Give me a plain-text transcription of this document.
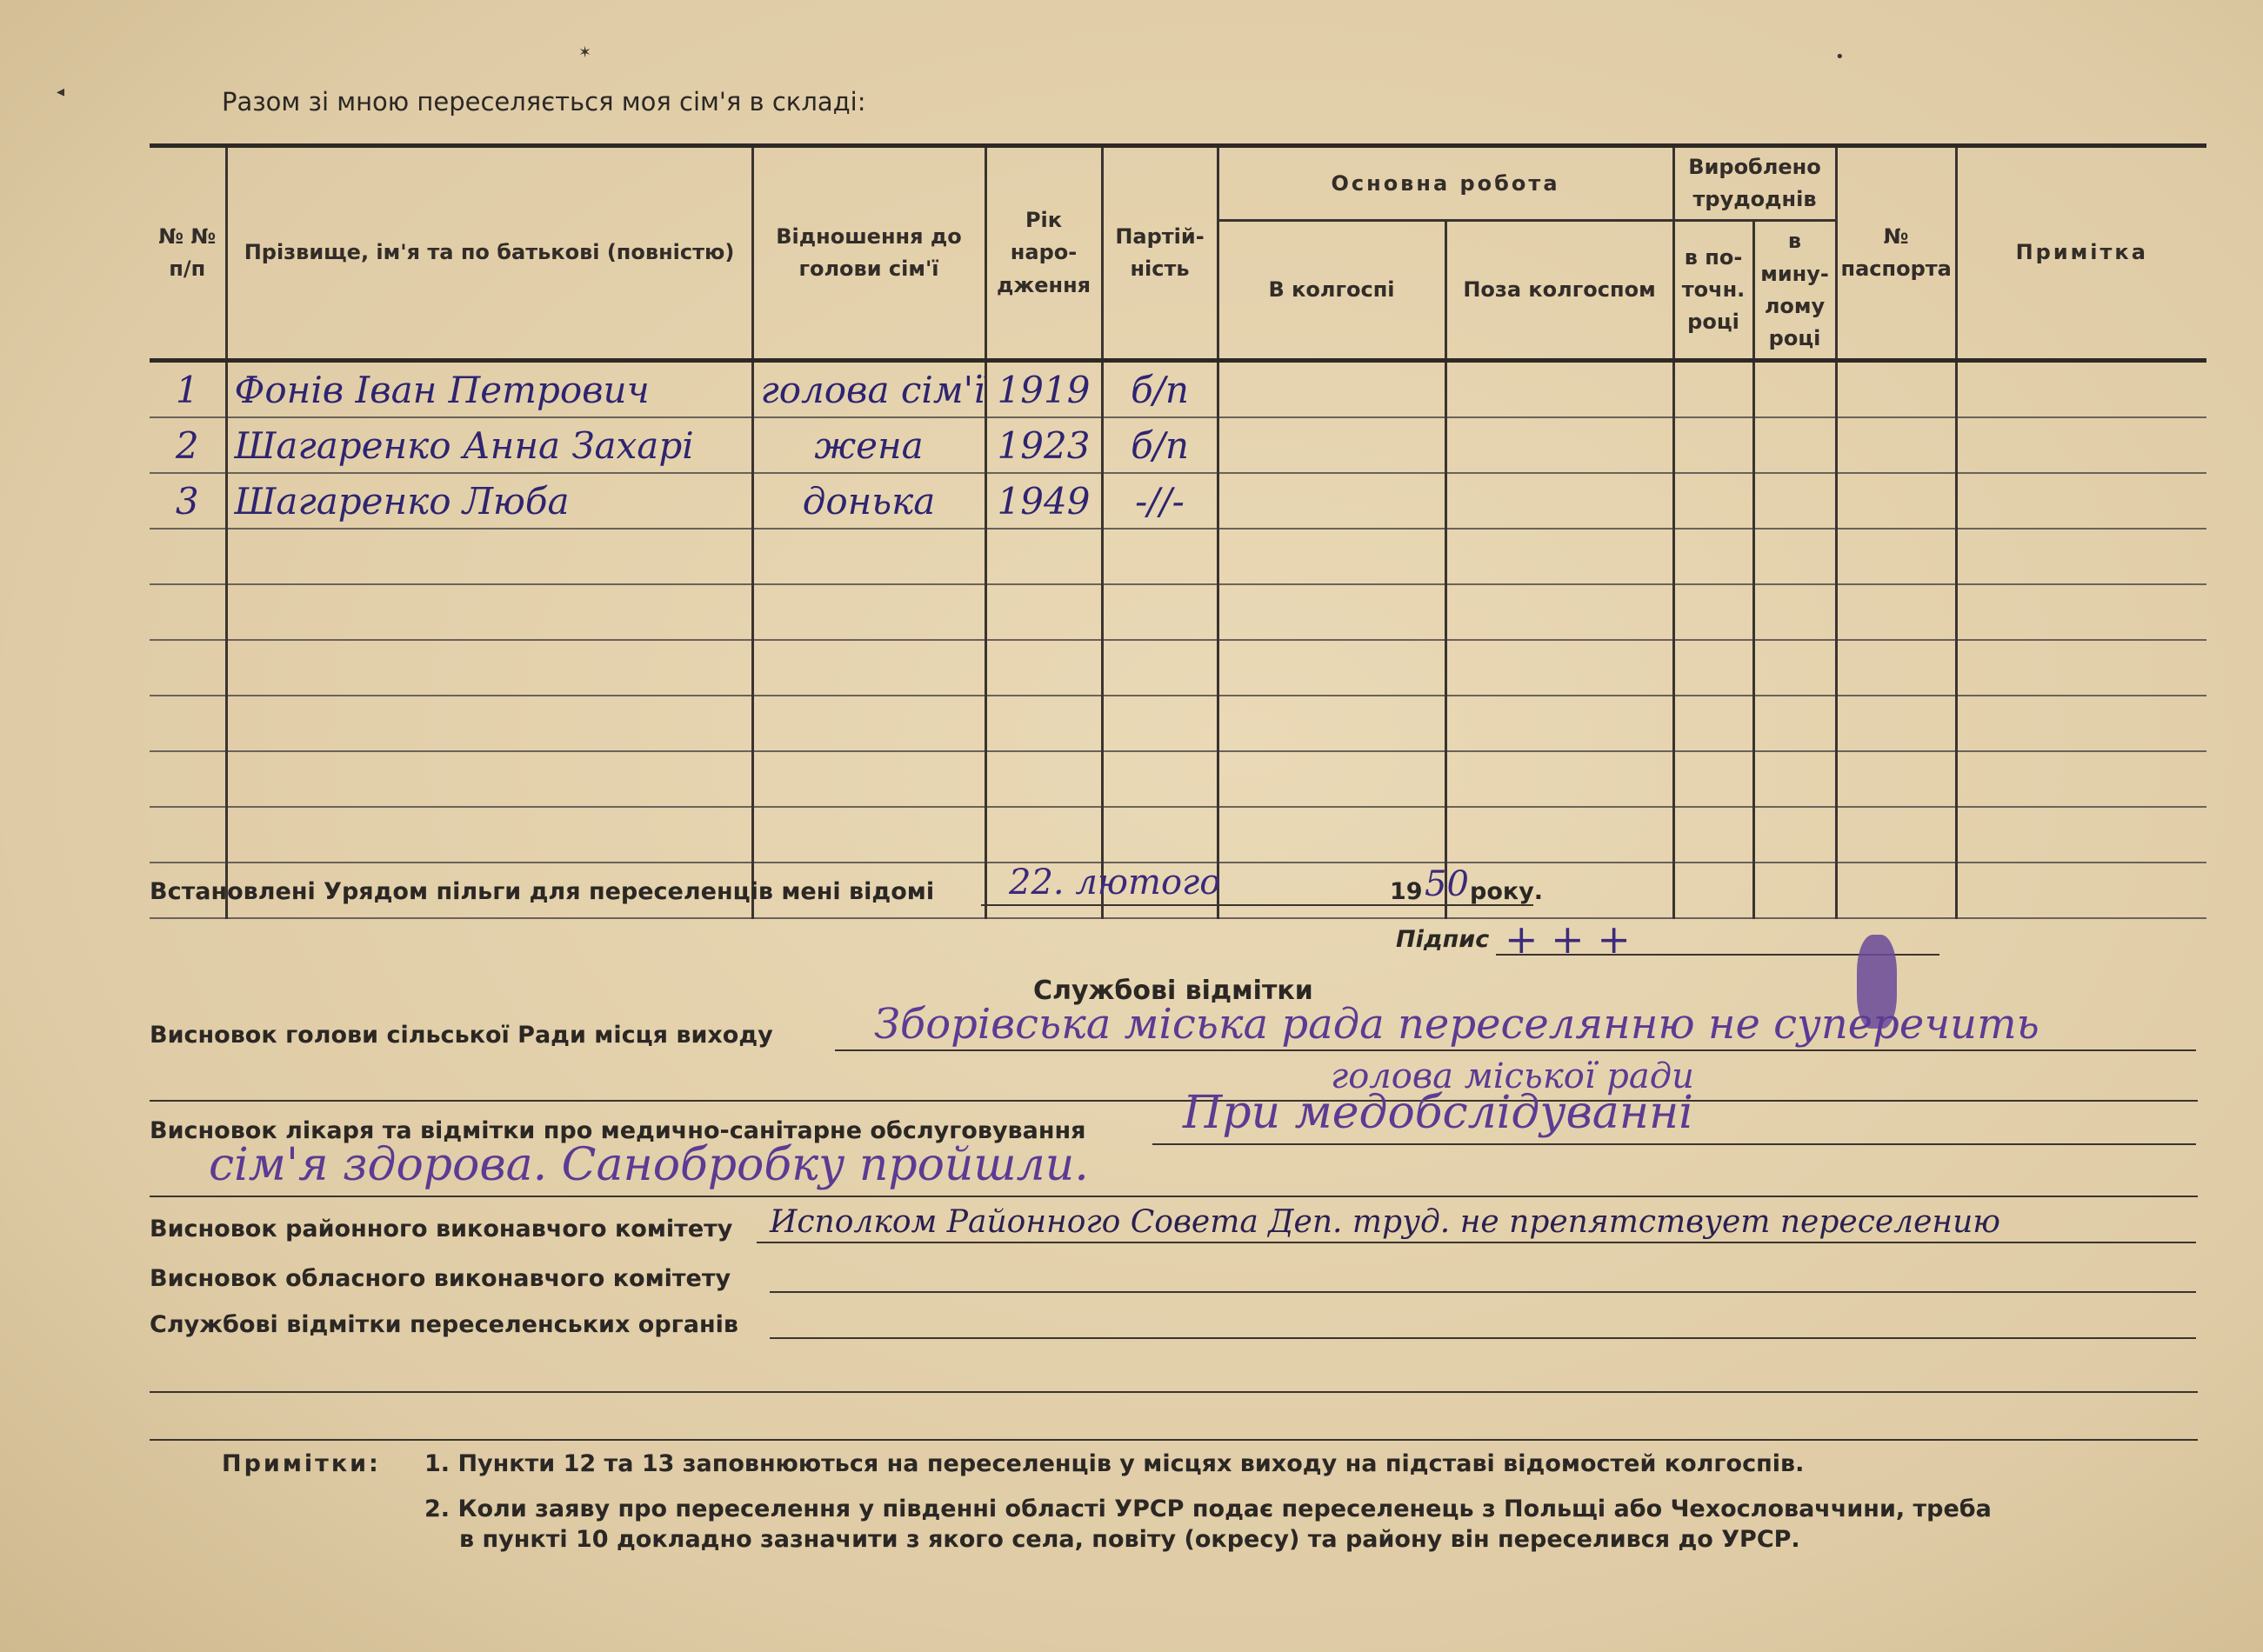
◂
✶	•
Разом зі мною переселяється моя сім'я в складі:
№ № п/п	Прізвище, ім'я та по батькові (повністю)	Відношення до голови сім'ї	Рік наро- дження	Партій- ність	Основна робота		Вироблено трудоднів		№ паспорта	Примітка
					В колгоспі	Поза колгоспом	в по- точн. році	в мину- лому році		
1	Фонів Іван Петрович	голова сім'ї	1919	б/п						
2	Шагаренко Анна Захарі	жена	1923	б/п						
3	Шагаренко Люба	донька	1949	-//-						

Встановлені Урядом пільги для переселенців мені відомі 22. лютого	19 50 року.
Підпис + + +
Службові відмітки
Висновок голови сільської Ради місця виходу Зборівська міська рада переселянню не суперечить
голова міської ради
Висновок лікаря та відмітки про медично-санітарне обслуговування При медобслідуванні
сім'я здорова. Санобробку пройшли.
Висновок районного виконавчого комітету Исполком Районного Совета Деп. труд. не препятствует переселению
Висновок обласного виконавчого комітету
Службові відмітки переселенських органів
Примітки: 1. Пункти 12 та 13 заповнюються на переселенців у місцях виходу на підставі відомостей колгоспів.
2. Коли заяву про переселення у південні області УРСР подає переселенець з Польщі або Чехословаччини, треба
в пункті 10 докладно зазначити з якого села, повіту (окресу) та району він переселився до УРСР.
